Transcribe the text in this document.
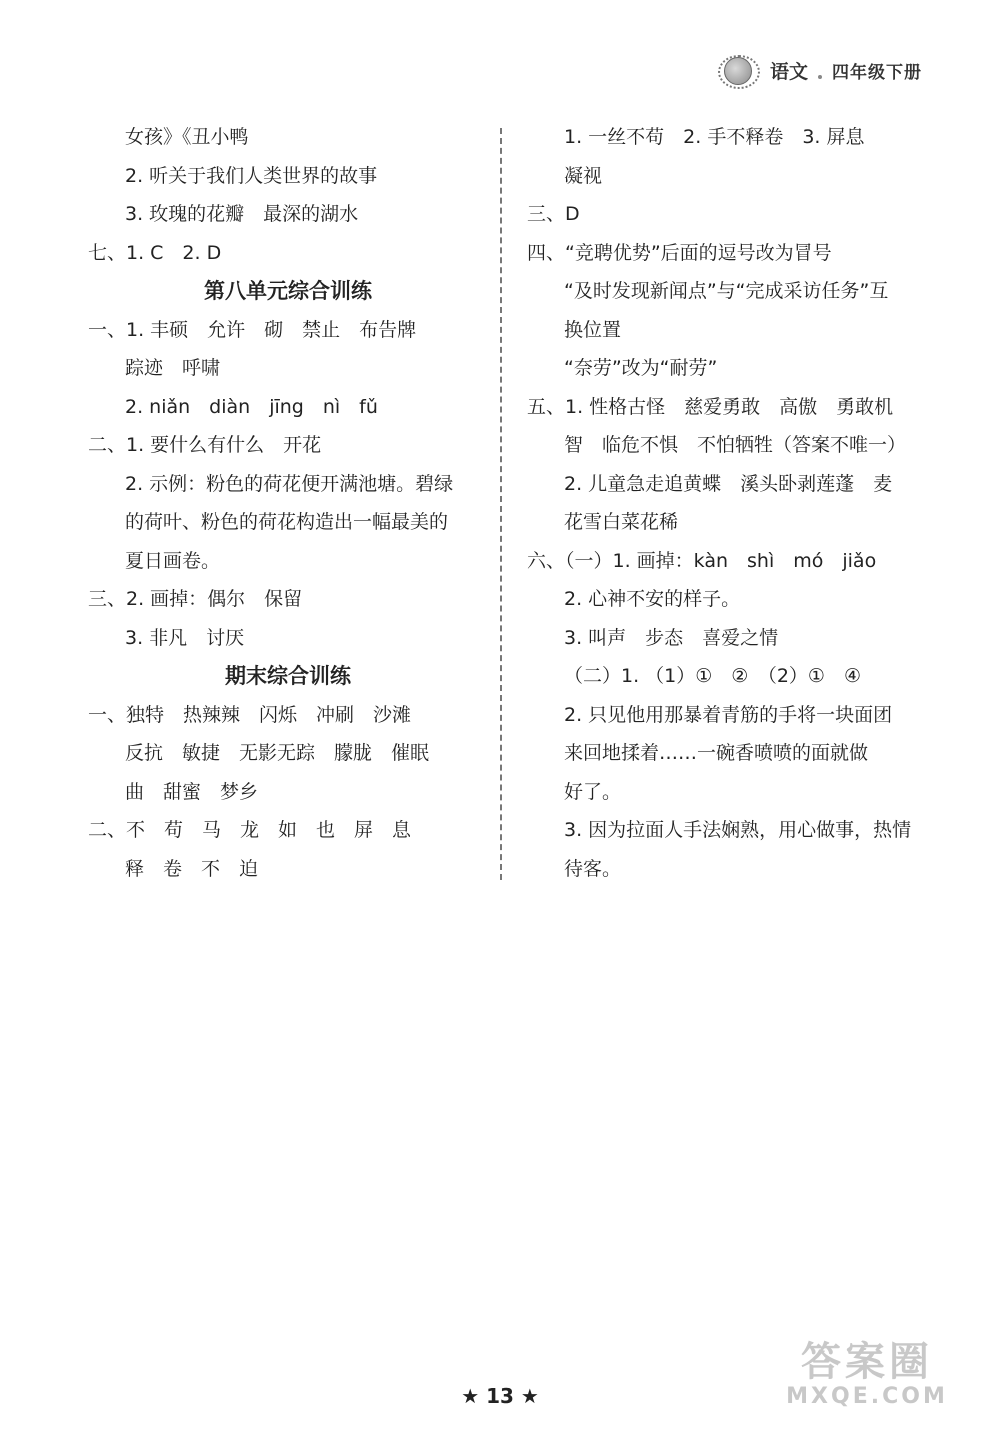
语文 四年级下册
女孩》《丑小鸭
2. 听关于我们人类世界的故事
3. 玫瑰的花瓣　最深的湖水
七、1. C　2. D
第八单元综合训练
一、1. 丰硕　允许　砌　禁止　布告牌
踪迹　呼啸
2. niǎn　diàn　jīng　nì　fǔ
二、1. 要什么有什么　开花
2. 示例：粉色的荷花便开满池塘。碧绿
的荷叶、粉色的荷花构造出一幅最美的
夏日画卷。
三、2. 画掉：偶尔　保留
3. 非凡　讨厌
期末综合训练
一、独特　热辣辣　闪烁　冲刷　沙滩
反抗　敏捷　无影无踪　朦胧　催眠
曲　甜蜜　梦乡
二、不　苟　马　龙　如　也　屏　息
释　卷　不　迫
1. 一丝不苟　2. 手不释卷　3. 屏息
凝视
三、D
四、“竞聘优势”后面的逗号改为冒号
“及时发现新闻点”与“完成采访任务”互
换位置
“奈劳”改为“耐劳”
五、1. 性格古怪　慈爱勇敢　高傲　勇敢机
智　临危不惧　不怕牺牲（答案不唯一）
2. 儿童急走追黄蝶　溪头卧剥莲蓬　麦
花雪白菜花稀
六、（一）1. 画掉：kàn　shì　mó　jiǎo
2. 心神不安的样子。
3. 叫声　步态　喜爱之情
（二）1. （1）①　②　（2）①　④
2. 只见他用那暴着青筋的手将一块面团
来回地揉着……一碗香喷喷的面就做
好了。
3. 因为拉面人手法娴熟，用心做事，热情
待客。
★ 13 ★
答案圈
MXQE.COM
